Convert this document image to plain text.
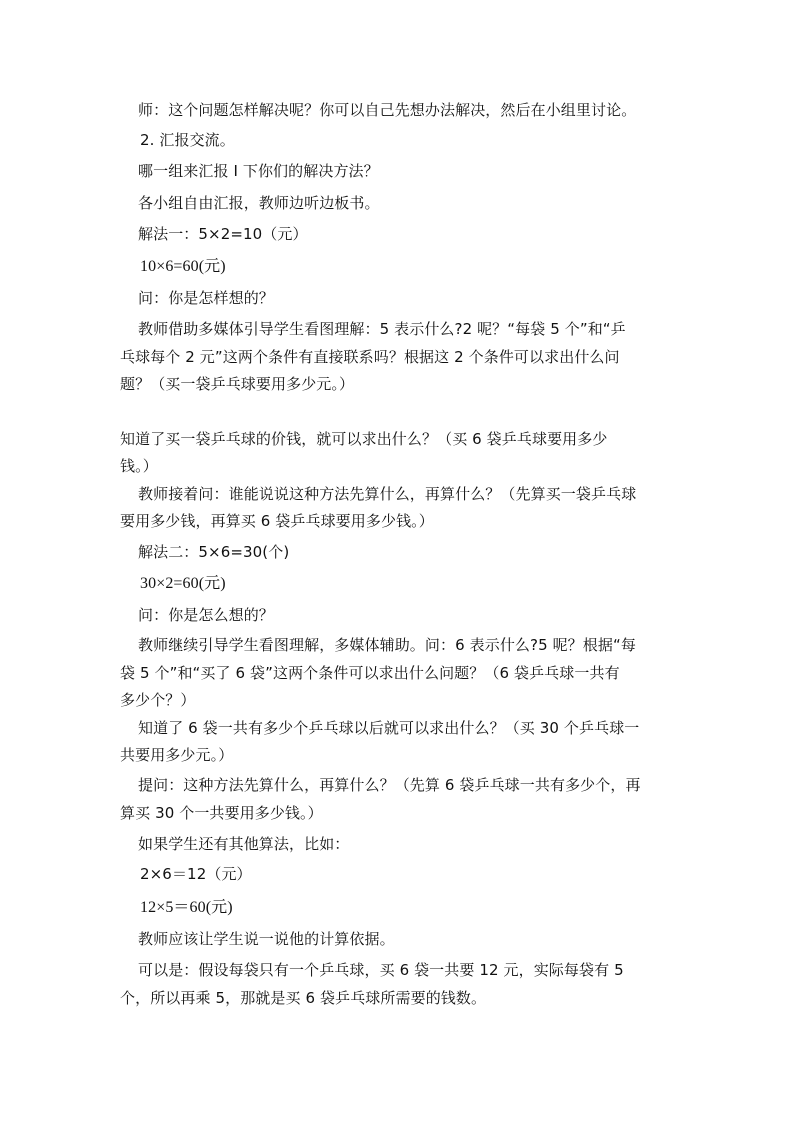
师：这个问题怎样解决呢？你可以自己先想办法解决，然后在小组里讨论。
2. 汇报交流。
哪一组来汇报 I 下你们的解决方法？
各小组自由汇报，教师边听边板书。
解法一：5×2=10（元）
10×6=60(元)
问：你是怎样想的？
教师借助多媒体引导学生看图理解：5 表示什么?2 呢？“每袋 5 个”和“乒
乓球每个 2 元”这两个条件有直接联系吗？根据这 2 个条件可以求出什么问
题？（买一袋乒乓球要用多少元。）
知道了买一袋乒乓球的价钱，就可以求出什么？（买 6 袋乒乓球要用多少
钱。）
教师接着问：谁能说说这种方法先算什么，再算什么？（先算买一袋乒乓球
要用多少钱，再算买 6 袋乒乓球要用多少钱。）
解法二：5×6=30(个)
30×2=60(元)
问：你是怎么想的？
教师继续引导学生看图理解，多媒体辅助。问：6 表示什么?5 呢？根据“每
袋 5 个”和“买了 6 袋”这两个条件可以求出什么问题？（6 袋乒乓球一共有
多少个？）
知道了 6 袋一共有多少个乒乓球以后就可以求出什么？（买 30 个乒乓球一
共要用多少元。）
提问：这种方法先算什么，再算什么？（先算 6 袋乒乓球一共有多少个，再
算买 30 个一共要用多少钱。）
如果学生还有其他算法，比如：
2×6＝12（元）
12×5＝60(元)
教师应该让学生说一说他的计算依据。
可以是：假设每袋只有一个乒乓球，买 6 袋一共要 12 元，实际每袋有 5
个，所以再乘 5，那就是买 6 袋乒乓球所需要的钱数。
